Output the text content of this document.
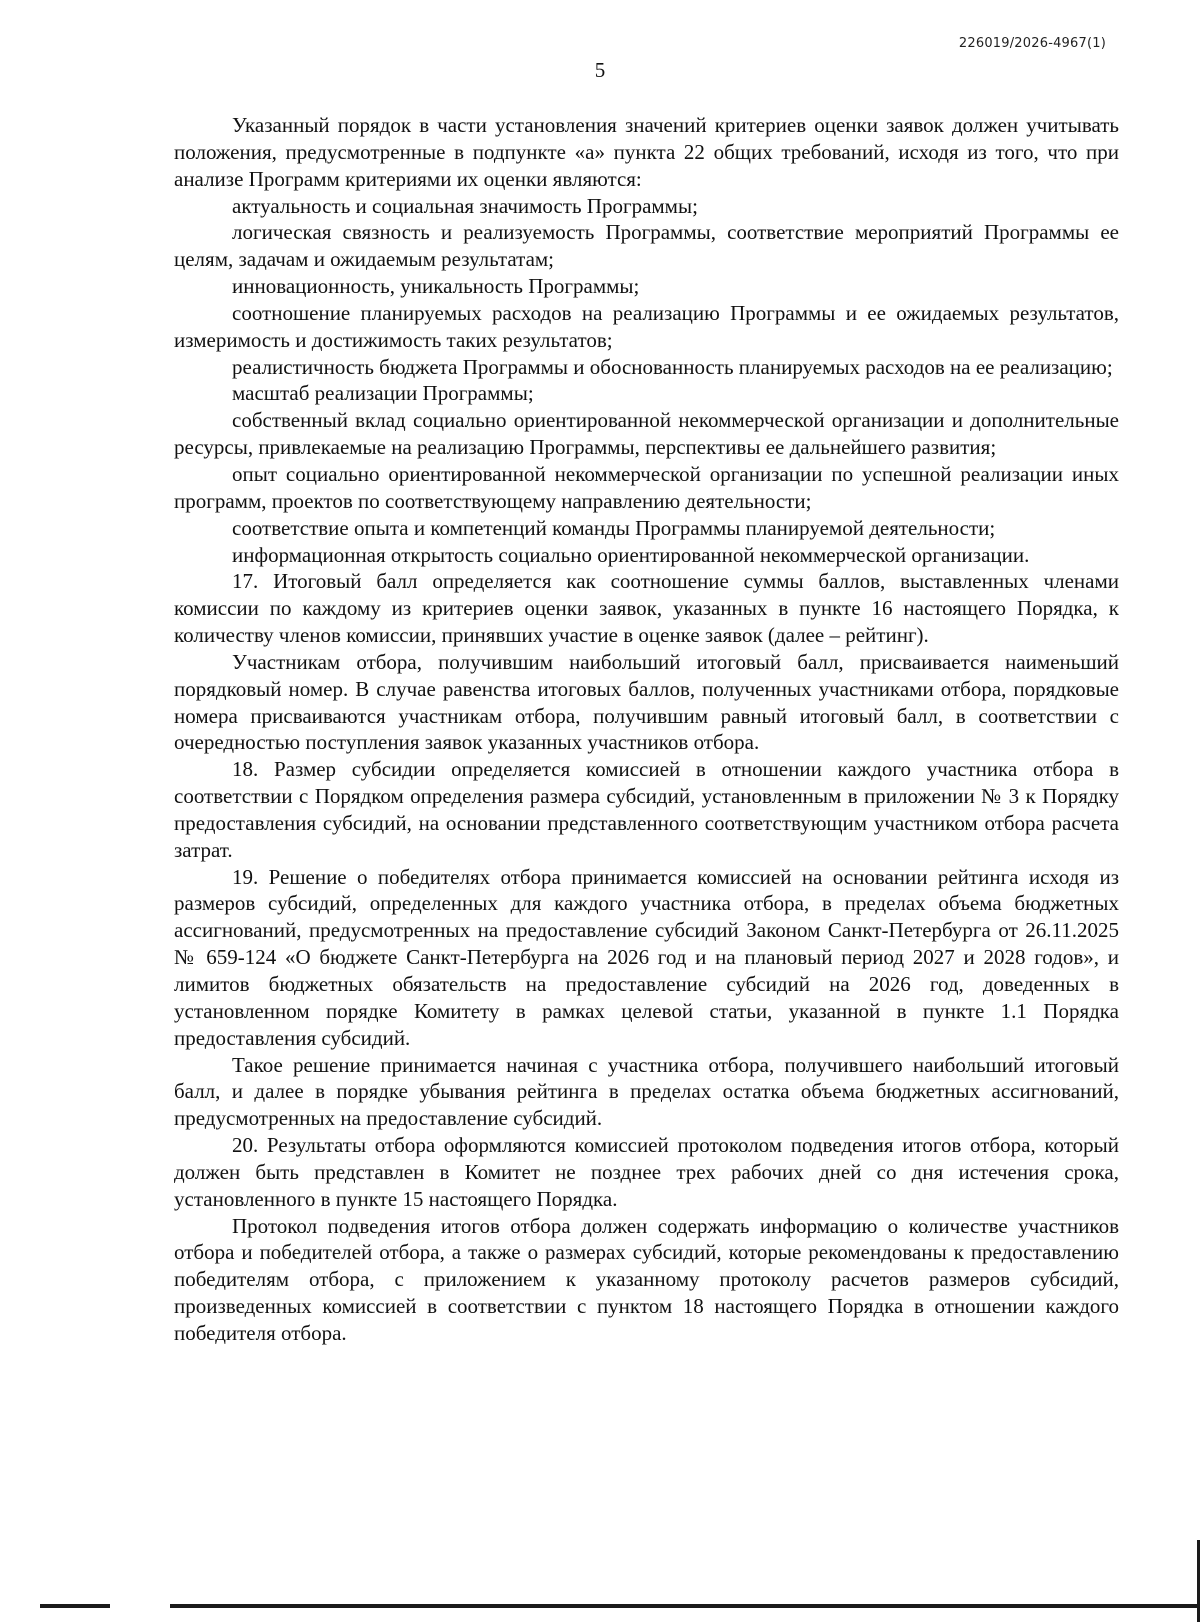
226019/2026-4967(1)
5

Указанный порядок в части установления значений критериев оценки заявок должен учитывать положения, предусмотренные в подпункте «а» пункта 22 общих требований, исходя из того, что при анализе Программ критериями их оценки являются:

актуальность и социальная значимость Программы;

логическая связность и реализуемость Программы, соответствие мероприятий Программы ее целям, задачам и ожидаемым результатам;

инновационность, уникальность Программы;

соотношение планируемых расходов на реализацию Программы и ее ожидаемых результатов, измеримость и достижимость таких результатов;

реалистичность бюджета Программы и обоснованность планируемых расходов на ее реализацию;

масштаб реализации Программы;

собственный вклад социально ориентированной некоммерческой организации и дополнительные ресурсы, привлекаемые на реализацию Программы, перспективы ее дальнейшего развития;

опыт социально ориентированной некоммерческой организации по успешной реализации иных программ, проектов по соответствующему направлению деятельности;

соответствие опыта и компетенций команды Программы планируемой деятельности;

информационная открытость социально ориентированной некоммерческой организации.

17. Итоговый балл определяется как соотношение суммы баллов, выставленных членами комиссии по каждому из критериев оценки заявок, указанных в пункте 16 настоящего Порядка, к количеству членов комиссии, принявших участие в оценке заявок (далее – рейтинг).

Участникам отбора, получившим наибольший итоговый балл, присваивается наименьший порядковый номер. В случае равенства итоговых баллов, полученных участниками отбора, порядковые номера присваиваются участникам отбора, получившим равный итоговый балл, в соответствии с очередностью поступления заявок указанных участников отбора.

18. Размер субсидии определяется комиссией в отношении каждого участника отбора в соответствии с Порядком определения размера субсидий, установленным в приложении № 3 к Порядку предоставления субсидий, на основании представленного соответствующим участником отбора расчета затрат.

19. Решение о победителях отбора принимается комиссией на основании рейтинга исходя из размеров субсидий, определенных для каждого участника отбора, в пределах объема бюджетных ассигнований, предусмотренных на предоставление субсидий Законом Санкт-Петербурга от 26.11.2025 № 659-124 «О бюджете Санкт-Петербурга на 2026 год и на плановый период 2027 и 2028 годов», и лимитов бюджетных обязательств на предоставление субсидий на 2026 год, доведенных в установленном порядке Комитету в рамках целевой статьи, указанной в пункте 1.1 Порядка предоставления субсидий.

Такое решение принимается начиная с участника отбора, получившего наибольший итоговый балл, и далее в порядке убывания рейтинга в пределах остатка объема бюджетных ассигнований, предусмотренных на предоставление субсидий.

20. Результаты отбора оформляются комиссией протоколом подведения итогов отбора, который должен быть представлен в Комитет не позднее трех рабочих дней со дня истечения срока, установленного в пункте 15 настоящего Порядка.

Протокол подведения итогов отбора должен содержать информацию о количестве участников отбора и победителей отбора, а также о размерах субсидий, которые рекомендованы к предоставлению победителям отбора, с приложением к указанному протоколу расчетов размеров субсидий, произведенных комиссией в соответствии с пунктом 18 настоящего Порядка в отношении каждого победителя отбора.
